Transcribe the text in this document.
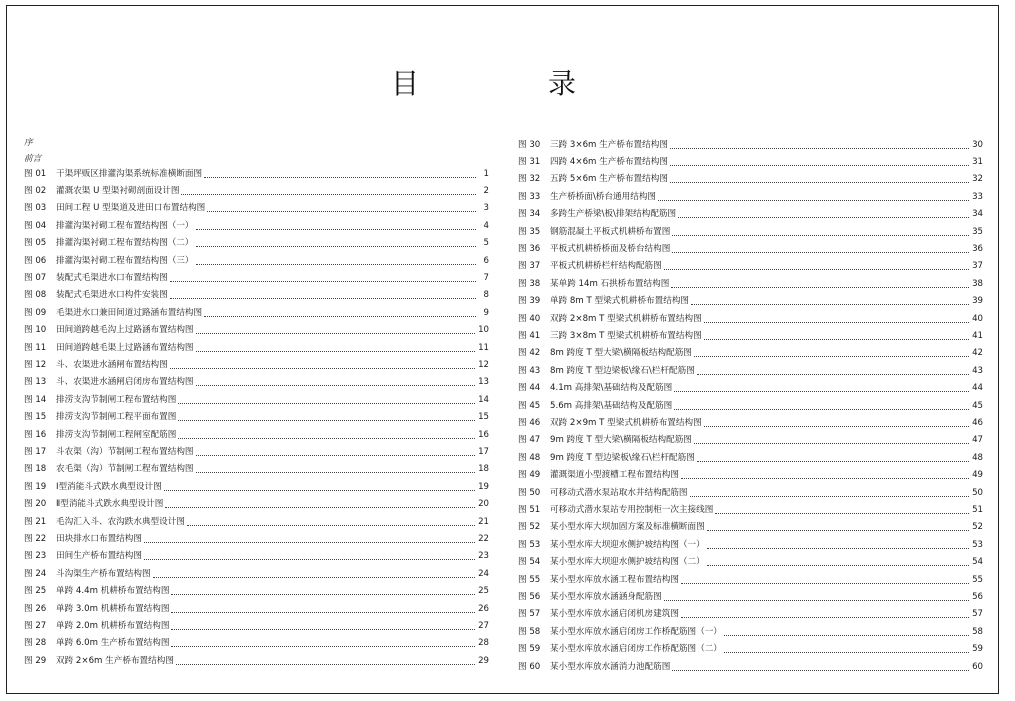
目 录
序
前言
图 01	干渠坪贩区排灌沟渠系统标准横断面图	1
图 02	灌溉农渠 U 型渠衬砌剖面设计图	2
图 03	田间工程 U 型渠道及进田口布置结构图	3
图 04	排灌沟渠衬砌工程布置结构图（一）	4
图 05	排灌沟渠衬砌工程布置结构图（二）	5
图 06	排灌沟渠衬砌工程布置结构图（三）	6
图 07	装配式毛渠进水口布置结构图	7
图 08	装配式毛渠进水口构件安装图	8
图 09	毛渠进水口兼田间道过路涵布置结构图	9
图 10	田间道跨越毛沟上过路涵布置结构图	10
图 11	田间道跨越毛渠上过路涵布置结构图	11
图 12	斗、农渠进水涵闸布置结构图	12
图 13	斗、农渠进水涵闸启闭房布置结构图	13
图 14	排涝支沟节制闸工程布置结构图	14
图 15	排涝支沟节制闸工程平面布置图	15
图 16	排涝支沟节制闸工程闸室配筋图	16
图 17	斗农渠（沟）节制闸工程布置结构图	17
图 18	农毛渠（沟）节制闸工程布置结构图	18
图 19	Ⅰ型消能斗式跌水典型设计图	19
图 20	Ⅱ型消能斗式跌水典型设计图	20
图 21	毛沟汇入斗、农沟跌水典型设计图	21
图 22	田块排水口布置结构图	22
图 23	田间生产桥布置结构图	23
图 24	斗沟渠生产桥布置结构图	24
图 25	单跨 4.4m 机耕桥布置结构图	25
图 26	单跨 3.0m 机耕桥布置结构图	26
图 27	单跨 2.0m 机耕桥布置结构图	27
图 28	单跨 6.0m 生产桥布置结构图	28
图 29	双跨 2×6m 生产桥布置结构图	29
图 30	三跨 3×6m 生产桥布置结构图	30
图 31	四跨 4×6m 生产桥布置结构图	31
图 32	五跨 5×6m 生产桥布置结构图	32
图 33	生产桥桥面\桥台通用结构图	33
图 34	多跨生产桥梁\板\排架结构配筋图	34
图 35	钢筋混凝土平板式机耕桥布置图	35
图 36	平板式机耕桥桥面及桥台结构图	36
图 37	平板式机耕桥栏杆结构配筋图	37
图 38	某单跨 14m 石拱桥布置结构图	38
图 39	单跨 8m T 型梁式机耕桥布置结构图	39
图 40	双跨 2×8m T 型梁式机耕桥布置结构图	40
图 41	三跨 3×8m T 型梁式机耕桥布置结构图	41
图 42	8m 跨度 T 型大梁\横隔板结构配筋图	42
图 43	8m 跨度 T 型边梁板\缘石\栏杆配筋图	43
图 44	4.1m 高排架\基础结构及配筋图	44
图 45	5.6m 高排架\基础结构及配筋图	45
图 46	双跨 2×9m T 型梁式机耕桥布置结构图	46
图 47	9m 跨度 T 型大梁\横隔板结构配筋图	47
图 48	9m 跨度 T 型边梁板\缘石\栏杆配筋图	48
图 49	灌溉渠道小型渡槽工程布置结构图	49
图 50	可移动式潜水泵站取水井结构配筋图	50
图 51	可移动式潜水泵站专用控制柜一次主接线图	51
图 52	某小型水库大坝加固方案及标准横断面图	52
图 53	某小型水库大坝迎水侧护坡结构图（一）	53
图 54	某小型水库大坝迎水侧护坡结构图（二）	54
图 55	某小型水库放水涵工程布置结构图	55
图 56	某小型水库放水涵涵身配筋图	56
图 57	某小型水库放水涵启闭机房建筑图	57
图 58	某小型水库放水涵启闭房工作桥配筋图（一）	58
图 59	某小型水库放水涵启闭房工作桥配筋图（二）	59
图 60	某小型水库放水涵消力池配筋图	60
